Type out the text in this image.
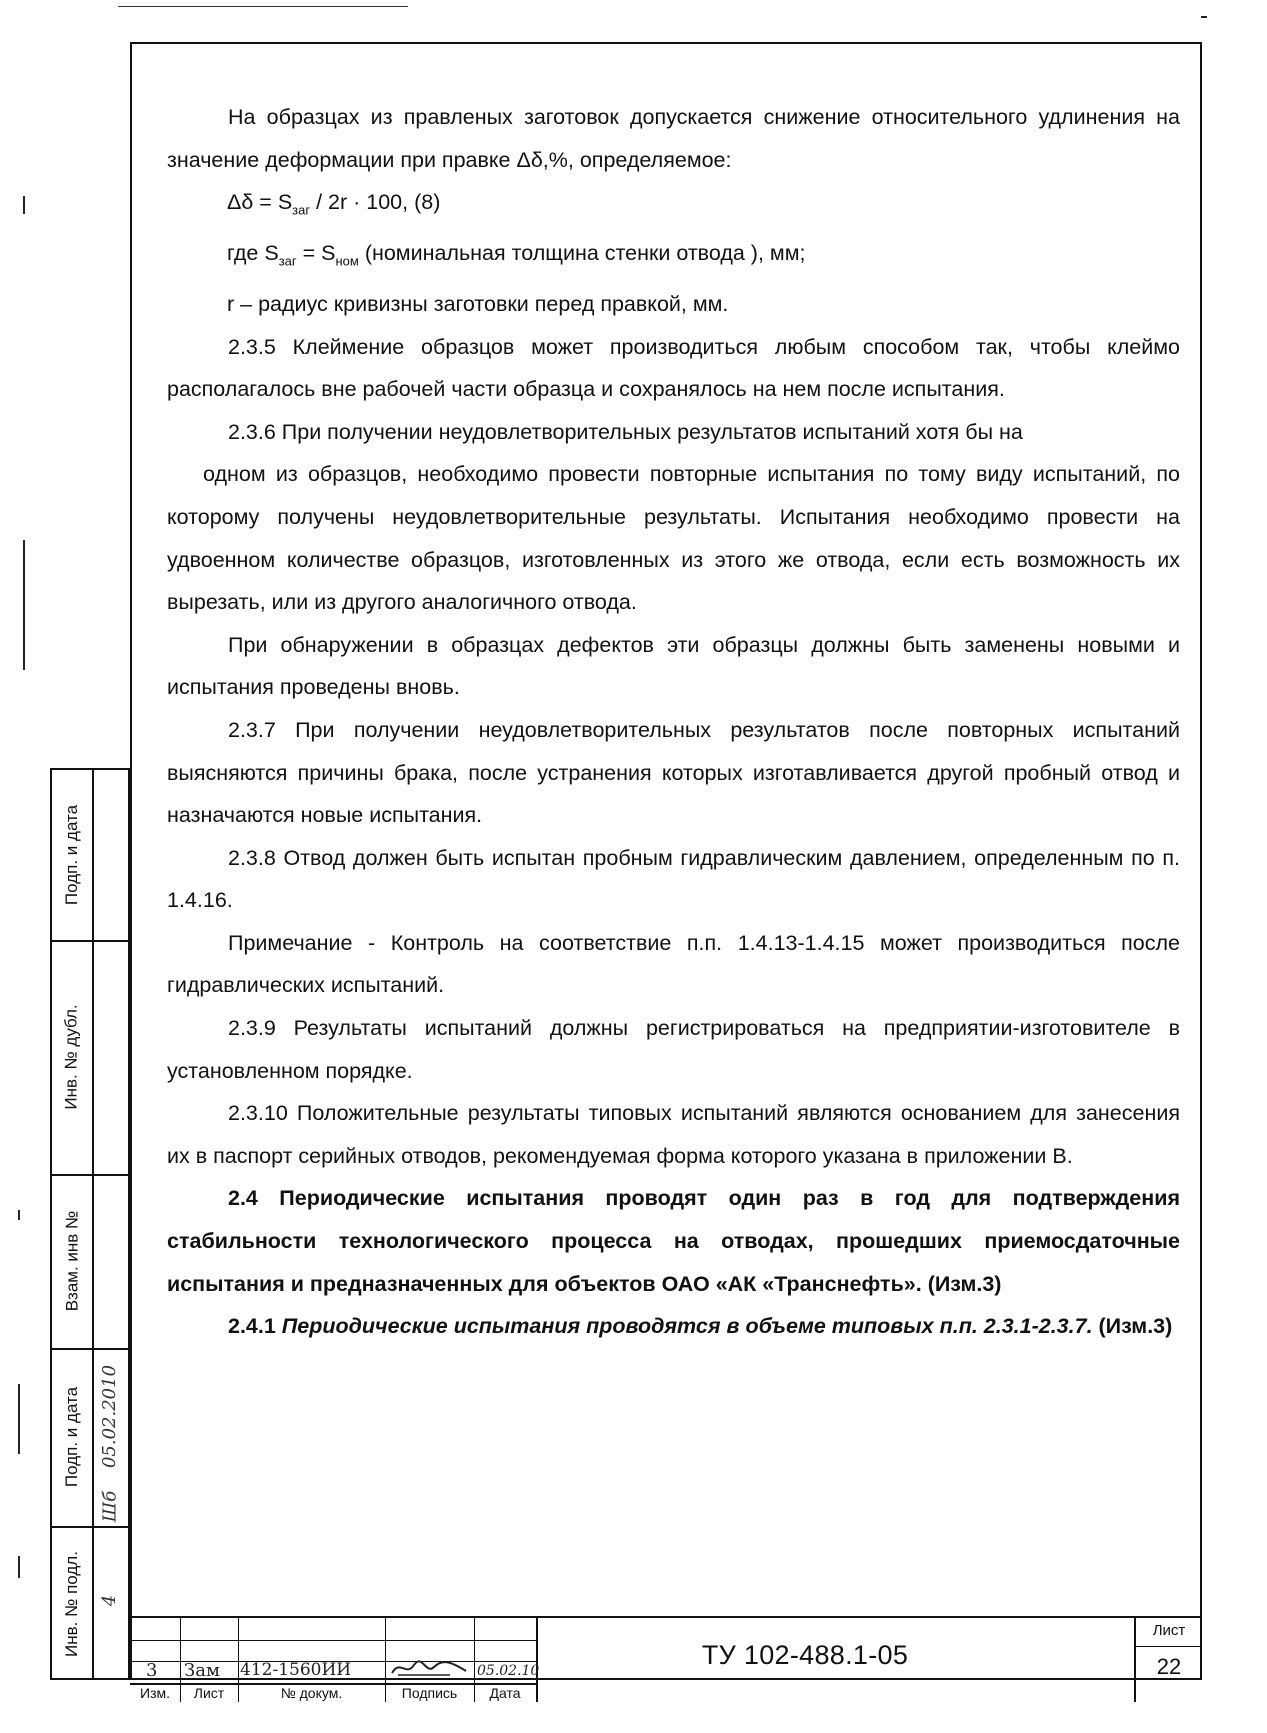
На образцах из правленых заготовок допускается снижение относительного удлинения на значение деформации при правке Δδ,%, определяемое:

$\Delta\delta = S_{заг} / 2r \cdot 100$, (8)

где $S_{заг} = S_{ном}$ (номинальная толщина стенки отвода ), мм;

r – радиус кривизны заготовки перед правкой, мм.

2.3.5 Клеймение образцов может производиться любым способом так, чтобы клеймо располагалось вне рабочей части образца и сохранялось на нем после испытания.

2.3.6 При получении неудовлетворительных результатов испытаний хотя бы на

одном из образцов, необходимо провести повторные испытания по тому виду испытаний, по которому получены неудовлетворительные результаты. Испытания необходимо провести на удвоенном количестве образцов, изготовленных из этого же отвода, если есть возможность их вырезать, или из другого аналогичного отвода.

При обнаружении в образцах дефектов эти образцы должны быть заменены новыми и испытания проведены вновь.

2.3.7 При получении неудовлетворительных результатов после повторных испытаний выясняются причины брака, после устранения которых изготавливается другой пробный отвод и назначаются новые испытания.

2.3.8 Отвод должен быть испытан пробным гидравлическим давлением, определенным по п. 1.4.16.

Примечание - Контроль на соответствие п.п. 1.4.13-1.4.15 может производиться после гидравлических испытаний.

2.3.9 Результаты испытаний должны регистрироваться на предприятии-изготовителе в установленном порядке.

2.3.10 Положительные результаты типовых испытаний являются основанием для занесения их в паспорт серийных отводов, рекомендуемая форма которого указана в приложении В.

2.4 Периодические испытания проводят один раз в год для подтверждения стабильности технологического процесса на отводах, прошедших приемосдаточные испытания и предназначенных для объектов ОАО «АК «Транснефть». (Изм.3)

2.4.1 Периодические испытания проводятся в объеме типовых п.п. 2.3.1-2.3.7. (Изм.3)

Подп. и дата
Инв. № дубл.
Взам. инв №
Подп. и дата
Инв. № подл.
05.02.2010
Шб
4
3 Зам 412-1560ИИ	05.02.10
Изм.	Лист	№ докум.	Подпись	Дата
ТУ 102-488.1-05
Лист
22
